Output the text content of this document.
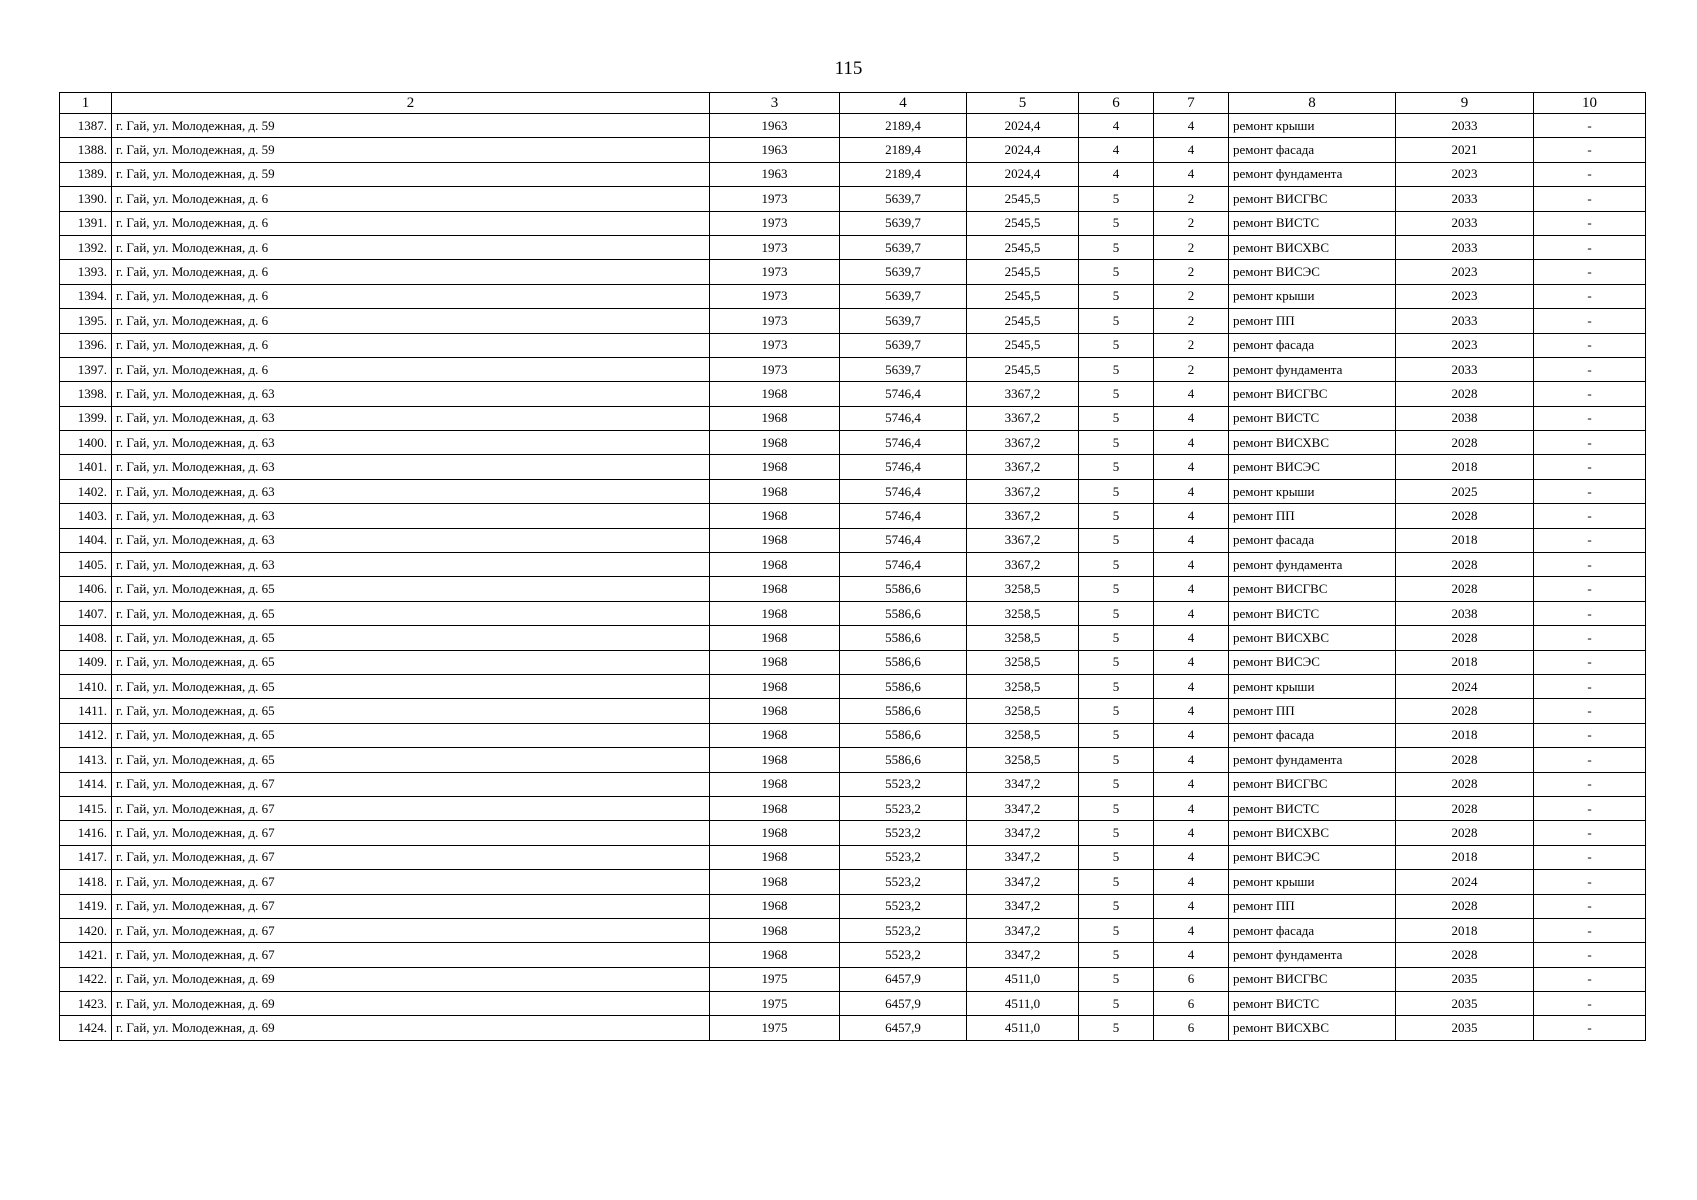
115
1	2	3	4	5	6	7	8	9	10
1387.	г. Гай, ул. Молодежная, д. 59	1963	2189,4	2024,4	4	4	ремонт крыши	2033	-
1388.	г. Гай, ул. Молодежная, д. 59	1963	2189,4	2024,4	4	4	ремонт фасада	2021	-
1389.	г. Гай, ул. Молодежная, д. 59	1963	2189,4	2024,4	4	4	ремонт фундамента	2023	-
1390.	г. Гай, ул. Молодежная, д. 6	1973	5639,7	2545,5	5	2	ремонт ВИСГВС	2033	-
1391.	г. Гай, ул. Молодежная, д. 6	1973	5639,7	2545,5	5	2	ремонт ВИСТС	2033	-
1392.	г. Гай, ул. Молодежная, д. 6	1973	5639,7	2545,5	5	2	ремонт ВИСХВС	2033	-
1393.	г. Гай, ул. Молодежная, д. 6	1973	5639,7	2545,5	5	2	ремонт ВИСЭС	2023	-
1394.	г. Гай, ул. Молодежная, д. 6	1973	5639,7	2545,5	5	2	ремонт крыши	2023	-
1395.	г. Гай, ул. Молодежная, д. 6	1973	5639,7	2545,5	5	2	ремонт ПП	2033	-
1396.	г. Гай, ул. Молодежная, д. 6	1973	5639,7	2545,5	5	2	ремонт фасада	2023	-
1397.	г. Гай, ул. Молодежная, д. 6	1973	5639,7	2545,5	5	2	ремонт фундамента	2033	-
1398.	г. Гай, ул. Молодежная, д. 63	1968	5746,4	3367,2	5	4	ремонт ВИСГВС	2028	-
1399.	г. Гай, ул. Молодежная, д. 63	1968	5746,4	3367,2	5	4	ремонт ВИСТС	2038	-
1400.	г. Гай, ул. Молодежная, д. 63	1968	5746,4	3367,2	5	4	ремонт ВИСХВС	2028	-
1401.	г. Гай, ул. Молодежная, д. 63	1968	5746,4	3367,2	5	4	ремонт ВИСЭС	2018	-
1402.	г. Гай, ул. Молодежная, д. 63	1968	5746,4	3367,2	5	4	ремонт крыши	2025	-
1403.	г. Гай, ул. Молодежная, д. 63	1968	5746,4	3367,2	5	4	ремонт ПП	2028	-
1404.	г. Гай, ул. Молодежная, д. 63	1968	5746,4	3367,2	5	4	ремонт фасада	2018	-
1405.	г. Гай, ул. Молодежная, д. 63	1968	5746,4	3367,2	5	4	ремонт фундамента	2028	-
1406.	г. Гай, ул. Молодежная, д. 65	1968	5586,6	3258,5	5	4	ремонт ВИСГВС	2028	-
1407.	г. Гай, ул. Молодежная, д. 65	1968	5586,6	3258,5	5	4	ремонт ВИСТС	2038	-
1408.	г. Гай, ул. Молодежная, д. 65	1968	5586,6	3258,5	5	4	ремонт ВИСХВС	2028	-
1409.	г. Гай, ул. Молодежная, д. 65	1968	5586,6	3258,5	5	4	ремонт ВИСЭС	2018	-
1410.	г. Гай, ул. Молодежная, д. 65	1968	5586,6	3258,5	5	4	ремонт крыши	2024	-
1411.	г. Гай, ул. Молодежная, д. 65	1968	5586,6	3258,5	5	4	ремонт ПП	2028	-
1412.	г. Гай, ул. Молодежная, д. 65	1968	5586,6	3258,5	5	4	ремонт фасада	2018	-
1413.	г. Гай, ул. Молодежная, д. 65	1968	5586,6	3258,5	5	4	ремонт фундамента	2028	-
1414.	г. Гай, ул. Молодежная, д. 67	1968	5523,2	3347,2	5	4	ремонт ВИСГВС	2028	-
1415.	г. Гай, ул. Молодежная, д. 67	1968	5523,2	3347,2	5	4	ремонт ВИСТС	2028	-
1416.	г. Гай, ул. Молодежная, д. 67	1968	5523,2	3347,2	5	4	ремонт ВИСХВС	2028	-
1417.	г. Гай, ул. Молодежная, д. 67	1968	5523,2	3347,2	5	4	ремонт ВИСЭС	2018	-
1418.	г. Гай, ул. Молодежная, д. 67	1968	5523,2	3347,2	5	4	ремонт крыши	2024	-
1419.	г. Гай, ул. Молодежная, д. 67	1968	5523,2	3347,2	5	4	ремонт ПП	2028	-
1420.	г. Гай, ул. Молодежная, д. 67	1968	5523,2	3347,2	5	4	ремонт фасада	2018	-
1421.	г. Гай, ул. Молодежная, д. 67	1968	5523,2	3347,2	5	4	ремонт фундамента	2028	-
1422.	г. Гай, ул. Молодежная, д. 69	1975	6457,9	4511,0	5	6	ремонт ВИСГВС	2035	-
1423.	г. Гай, ул. Молодежная, д. 69	1975	6457,9	4511,0	5	6	ремонт ВИСТС	2035	-
1424.	г. Гай, ул. Молодежная, д. 69	1975	6457,9	4511,0	5	6	ремонт ВИСХВС	2035	-
